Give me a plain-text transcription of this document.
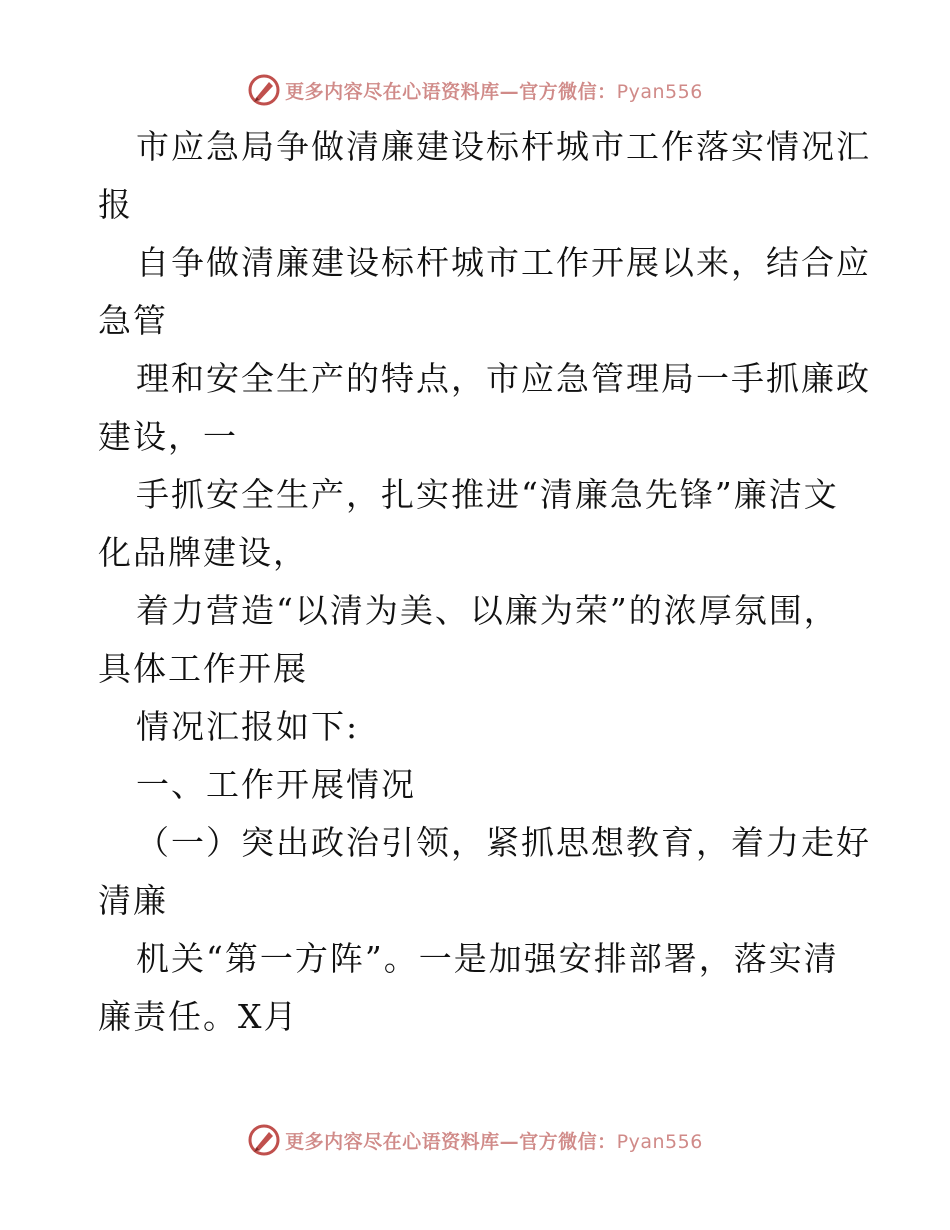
更多内容尽在心语资料库—官方微信：Pyan556
市应急局争做清廉建设标杆城市工作落实情况汇
报
自争做清廉建设标杆城市工作开展以来，结合应
急管
理和安全生产的特点，市应急管理局一手抓廉政
建设，一
手抓安全生产，扎实推进“清廉急先锋”廉洁文
化品牌建设，
着力营造“以清为美、以廉为荣”的浓厚氛围，
具体工作开展
情况汇报如下:
一、工作开展情况
（一）突出政治引领，紧抓思想教育，着力走好
清廉
机关“第一方阵”。一是加强安排部署，落实清
廉责任。X月
更多内容尽在心语资料库—官方微信：Pyan556
